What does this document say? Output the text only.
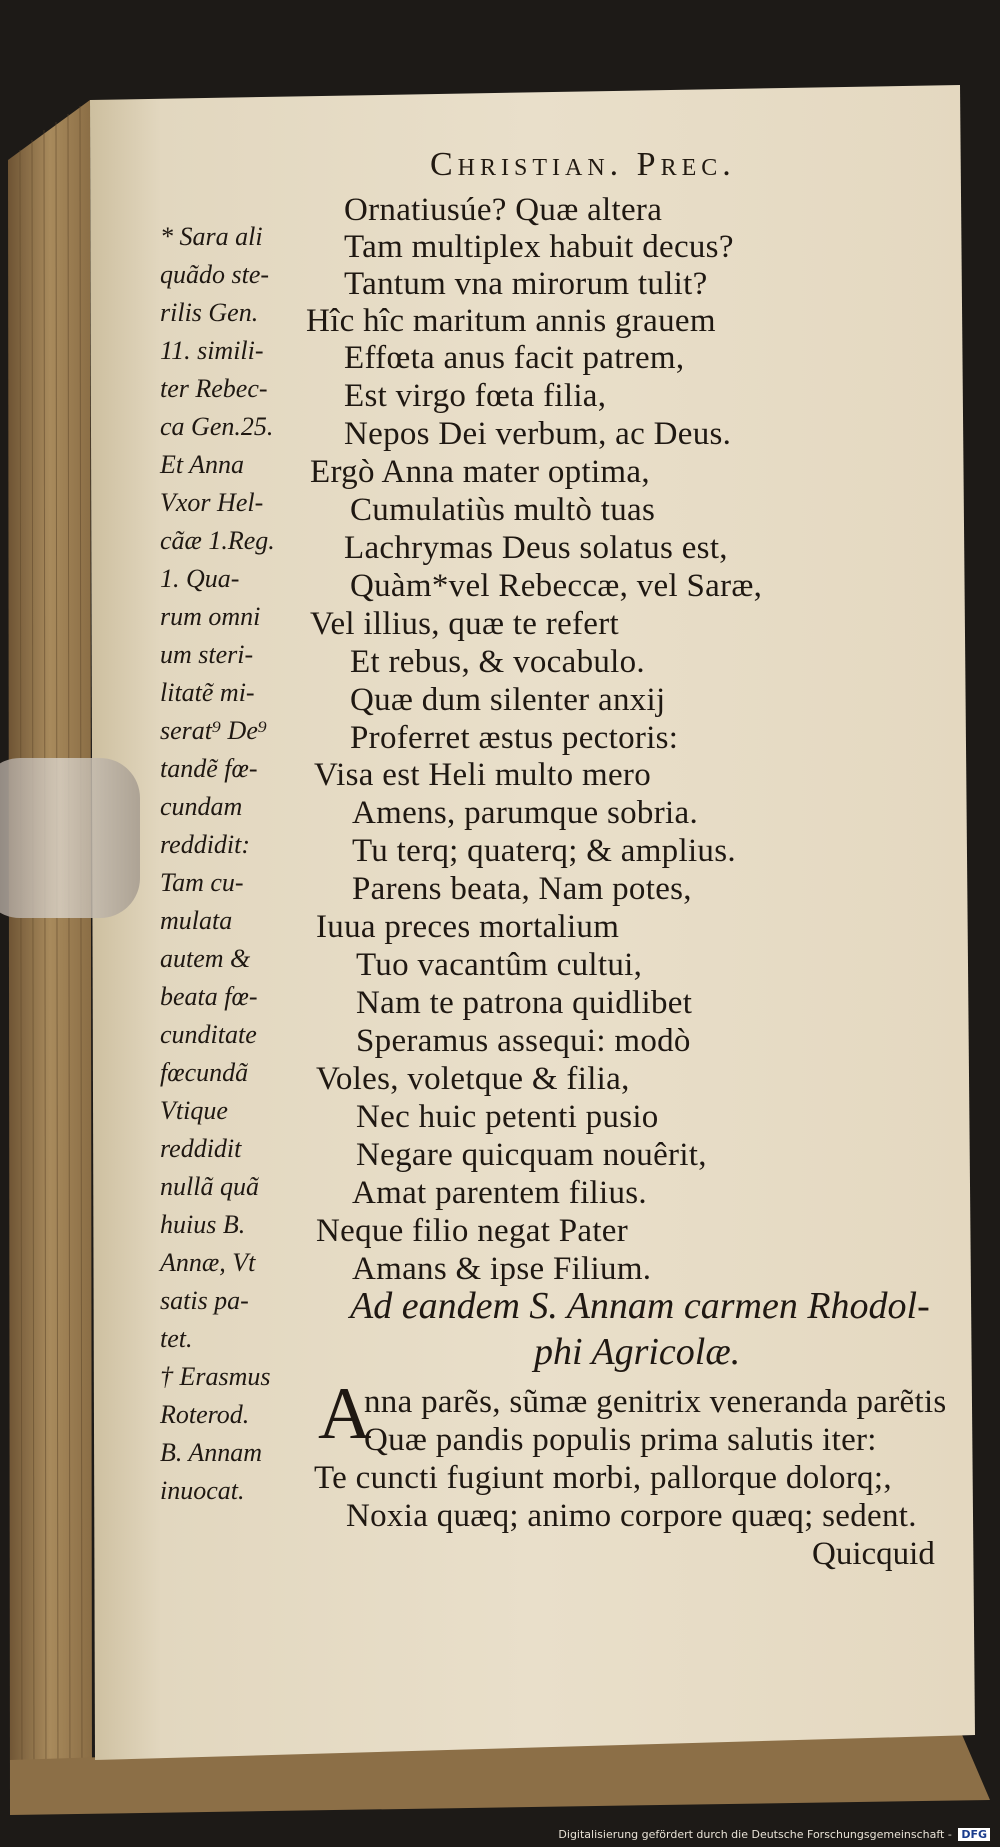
Christian. Prec.
Ornatiusúe? Quæ altera
Tam multiplex habuit decus?
Tantum vna mirorum tulit?
Hîc hîc maritum annis grauem
Effœta anus facit patrem,
Est virgo fœta filia,
Nepos Dei verbum, ac Deus.
Ergò Anna mater optima,
Cumulatiùs multò tuas
Lachrymas Deus solatus est,
Quàm*vel Rebeccæ, vel Saræ,
Vel illius, quæ te refert
Et rebus, & vocabulo.
Quæ dum silenter anxij
Proferret æstus pectoris:
Visa est Heli multo mero
Amens, parumque sobria.
Tu terq; quaterq; & amplius.
Parens beata, Nam potes,
Iuua preces mortalium
Tuo vacantûm cultui,
Nam te patrona quidlibet
Speramus assequi: modò
Voles, voletque & filia,
Nec huic petenti pusio
Negare quicquam nouêrit,
Amat parentem filius.
Neque filio negat Pater
Amans & ipse Filium.
* Sara ali
quãdo ste-
rilis Gen.
11. simili-
ter Rebec-
ca Gen.25.
Et Anna
Vxor Hel-
cãæ 1.Reg.
1. Qua-
rum omni
um steri-
litatẽ mi-
serat⁹ De⁹
tandẽ fœ-
cundam
reddidit:
Tam cu-
mulata
autem &
beata fœ-
cunditate
fœcundã
Vtique
reddidit
nullã quã
huius B.
Annæ, Vt
satis pa-
tet.
† Erasmus
Roterod.
B. Annam
inuocat.
Ad eandem S. Annam carmen Rhodol-
phi Agricolæ.
A
nna parẽs, sũmæ genitrix veneranda parẽtis
Quæ pandis populis prima salutis iter:
Te cuncti fugiunt morbi, pallorque dolorq;,
Noxia quæq; animo corpore quæq; sedent.
Quicquid
Digitalisierung gefördert durch die Deutsche Forschungsgemeinschaft - DFG
